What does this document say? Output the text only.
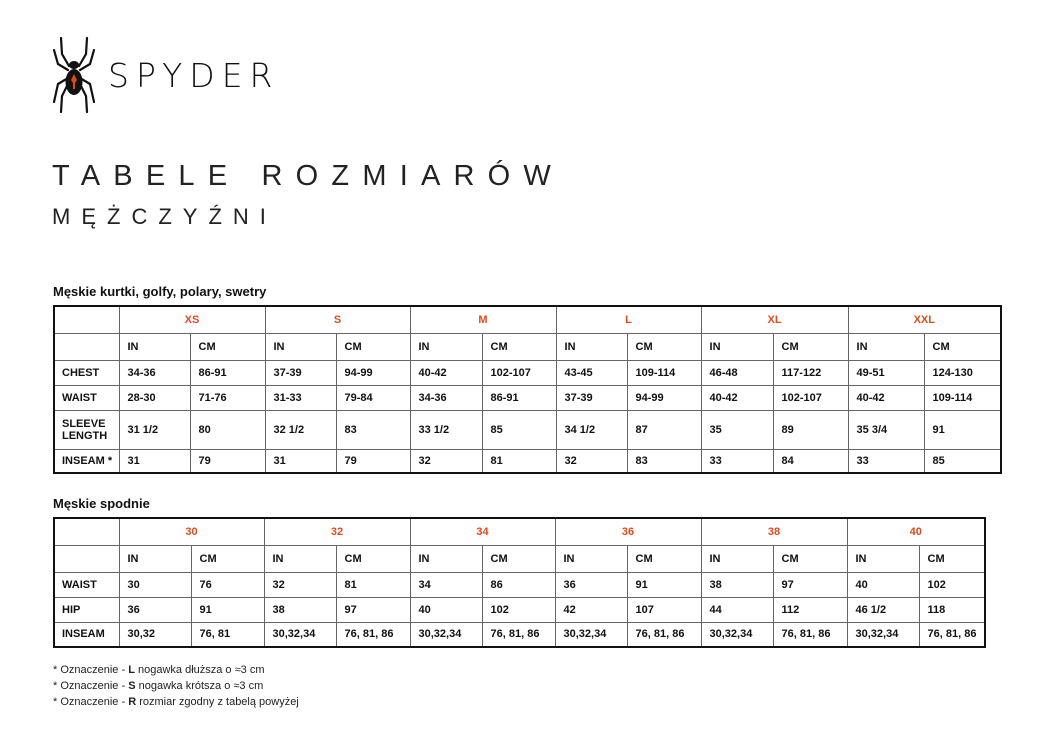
SPYDER
TABELE ROZMIARÓW
MĘŻCZYŹNI
Męskie kurtki, golfy, polary, swetry
	XS		S		M		L		XL		XXL	
	IN	CM	IN	CM	IN	CM	IN	CM	IN	CM	IN	CM
CHEST	34-36	86-91	37-39	94-99	40-42	102-107	43-45	109-114	46-48	117-122	49-51	124-130
WAIST	28-30	71-76	31-33	79-84	34-36	86-91	37-39	94-99	40-42	102-107	40-42	109-114
SLEEVE LENGTH	31 1/2	80	32 1/2	83	33 1/2	85	34 1/2	87	35	89	35 3/4	91
INSEAM *	31	79	31	79	32	81	32	83	33	84	33	85
Męskie spodnie
	30		32		34		36		38		40	
	IN	CM	IN	CM	IN	CM	IN	CM	IN	CM	IN	CM
WAIST	30	76	32	81	34	86	36	91	38	97	40	102
HIP	36	91	38	97	40	102	42	107	44	112	46 1/2	118
INSEAM	30,32	76, 81	30,32,34	76, 81, 86	30,32,34	76, 81, 86	30,32,34	76, 81, 86	30,32,34	76, 81, 86	30,32,34	76, 81, 86
* Oznaczenie - L nogawka dłuższa o ≈3 cm
* Oznaczenie - S nogawka krótsza o ≈3 cm
* Oznaczenie - R rozmiar zgodny z tabelą powyżej
